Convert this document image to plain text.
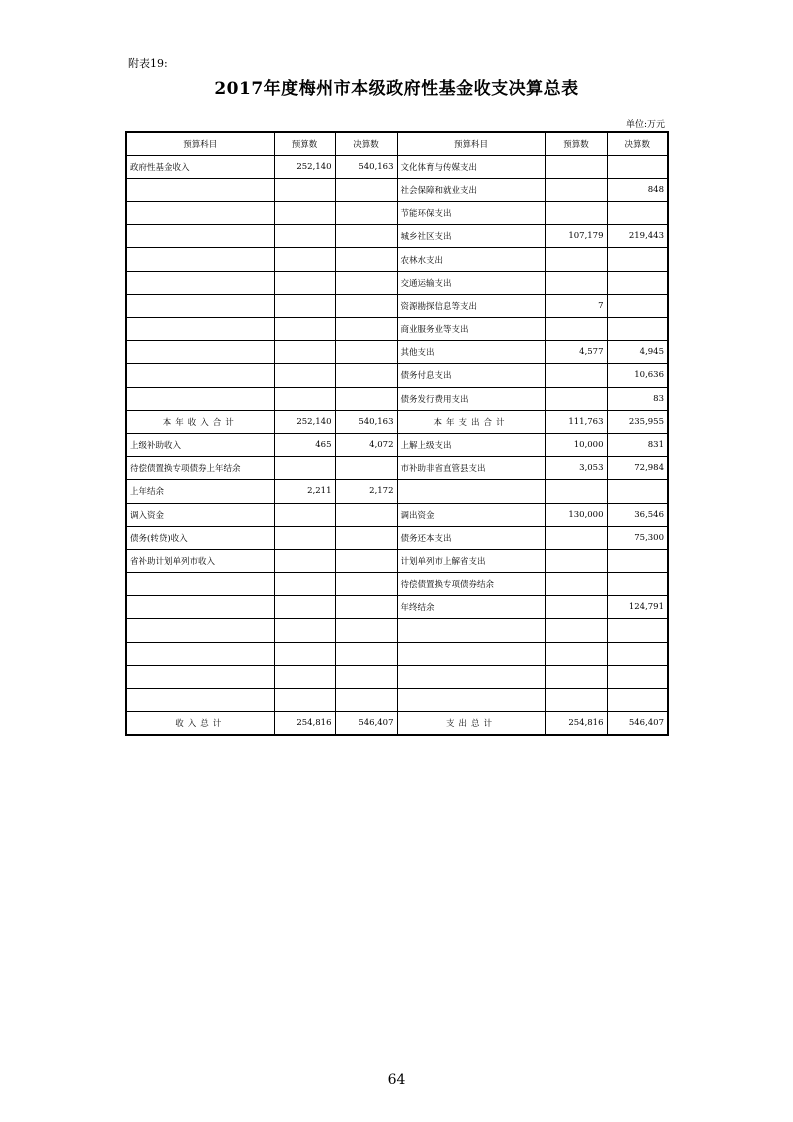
附表19:
2017年度梅州市本级政府性基金收支决算总表
单位:万元
预算科目	预算数	决算数	预算科目	预算数	决算数
政府性基金收入	252,140	540,163	文化体育与传媒支出		
			社会保障和就业支出		848
			节能环保支出		
			城乡社区支出	107,179	219,443
			农林水支出		
			交通运输支出		
			资源勘探信息等支出	7	
			商业服务业等支出		
			其他支出	4,577	4,945
			债务付息支出		10,636
			债务发行费用支出		83
本年收入合计	252,140	540,163	本年支出合计	111,763	235,955
上级补助收入	465	4,072	上解上级支出	10,000	831
待偿债置换专项债券上年结余			市补助非省直管县支出	3,053	72,984
上年结余	2,211	2,172			
调入资金			调出资金	130,000	36,546
债务(转贷)收入			债务还本支出		75,300
省补助计划单列市收入			计划单列市上解省支出		
			待偿债置换专项债券结余		
			年终结余		124,791

收入总计	254,816	546,407	支出总计	254,816	546,407
64
